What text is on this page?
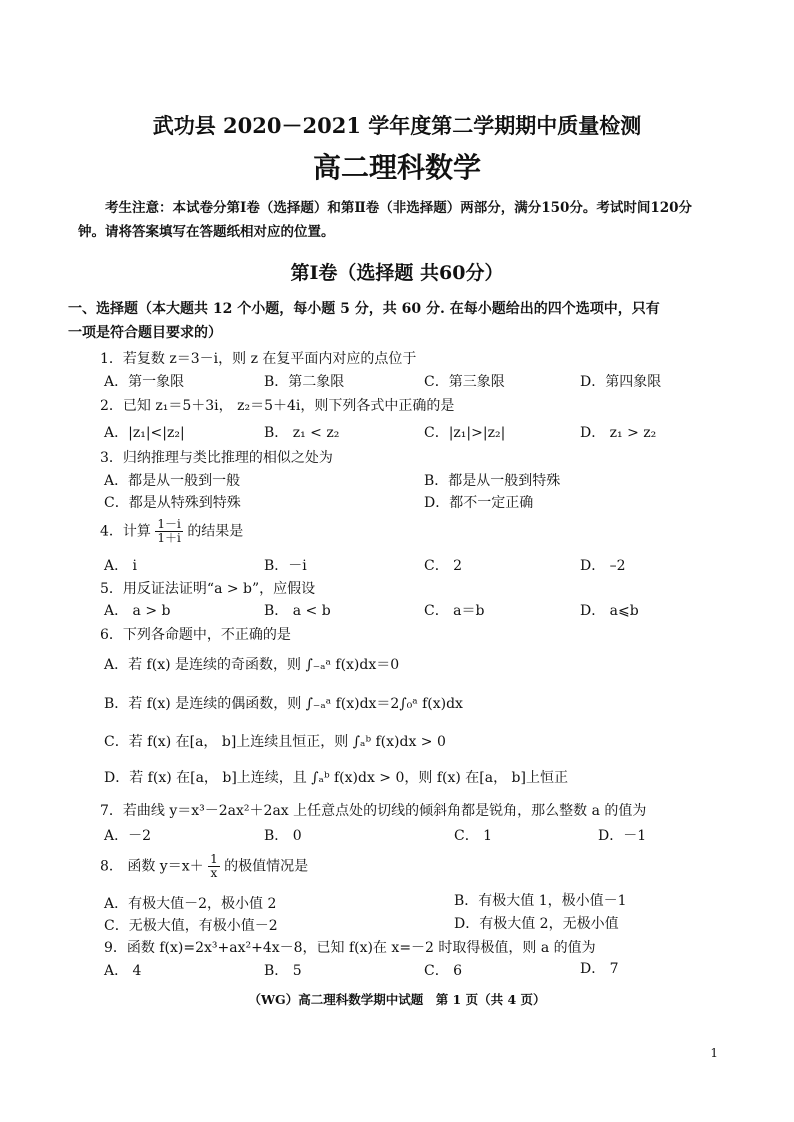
武功县 2020－2021 学年度第二学期期中质量检测
高二理科数学
考生注意：本试卷分第Ⅰ卷（选择题）和第Ⅱ卷（非选择题）两部分，满分150分。考试时间120分钟。请将答案填写在答题纸相对应的位置。
第Ⅰ卷（选择题 共60分）
一、选择题（本大题共 12 个小题，每小题 5 分，共 60 分. 在每小题给出的四个选项中，只有
一项是符合题目要求的）
1．若复数 z＝3－i，则 z 在复平面内对应的点位于
A．第一象限	B．第二象限	C．第三象限	D．第四象限
2．已知 z₁＝5＋3i， z₂＝5＋4i，则下列各式中正确的是
A．|z₁|<|z₂|	B． z₁ < z₂	C．|z₁|>|z₂|	D． z₁ > z₂
3．归纳推理与类比推理的相似之处为
A．都是从一般到一般	B．都是从一般到特殊
C．都是从特殊到特殊	D．都不一定正确
4．计算 $\frac{1-i}{1+i}$ 的结果是
A． i	B．－i	C． 2	D． –2
5．用反证法证明“a > b”，应假设
A． a > b	B． a < b	C． a＝b	D． a⩽b
6．下列各命题中，不正确的是
A．若 f(x) 是连续的奇函数，则 ∫₋ₐᵃ f(x)dx＝0
B．若 f(x) 是连续的偶函数，则 ∫₋ₐᵃ f(x)dx＝2∫₀ᵃ f(x)dx
C．若 f(x) 在[a， b]上连续且恒正，则 ∫ₐᵇ f(x)dx > 0
D．若 f(x) 在[a， b]上连续，且 ∫ₐᵇ f(x)dx > 0，则 f(x) 在[a， b]上恒正
7．若曲线 y＝x³－2ax²＋2ax 上任意点处的切线的倾斜角都是锐角，那么整数 a 的值为
A．－2	B． 0	C． 1	D．－1
8． 函数 $y=x+ \frac{1}{x}$ 的极值情况是
A．有极大值－2，极小值 2	B．有极大值 1，极小值－1
C．无极大值，有极小值－2	D．有极大值 2，无极小值
9．函数 f(x)=2x³+ax²+4x－8，已知 f(x)在 x=－2 时取得极值，则 a 的值为
A． 4	B． 5	C． 6	D． 7
（WG）高二理科数学期中试题　第 1 页（共 4 页）
1
